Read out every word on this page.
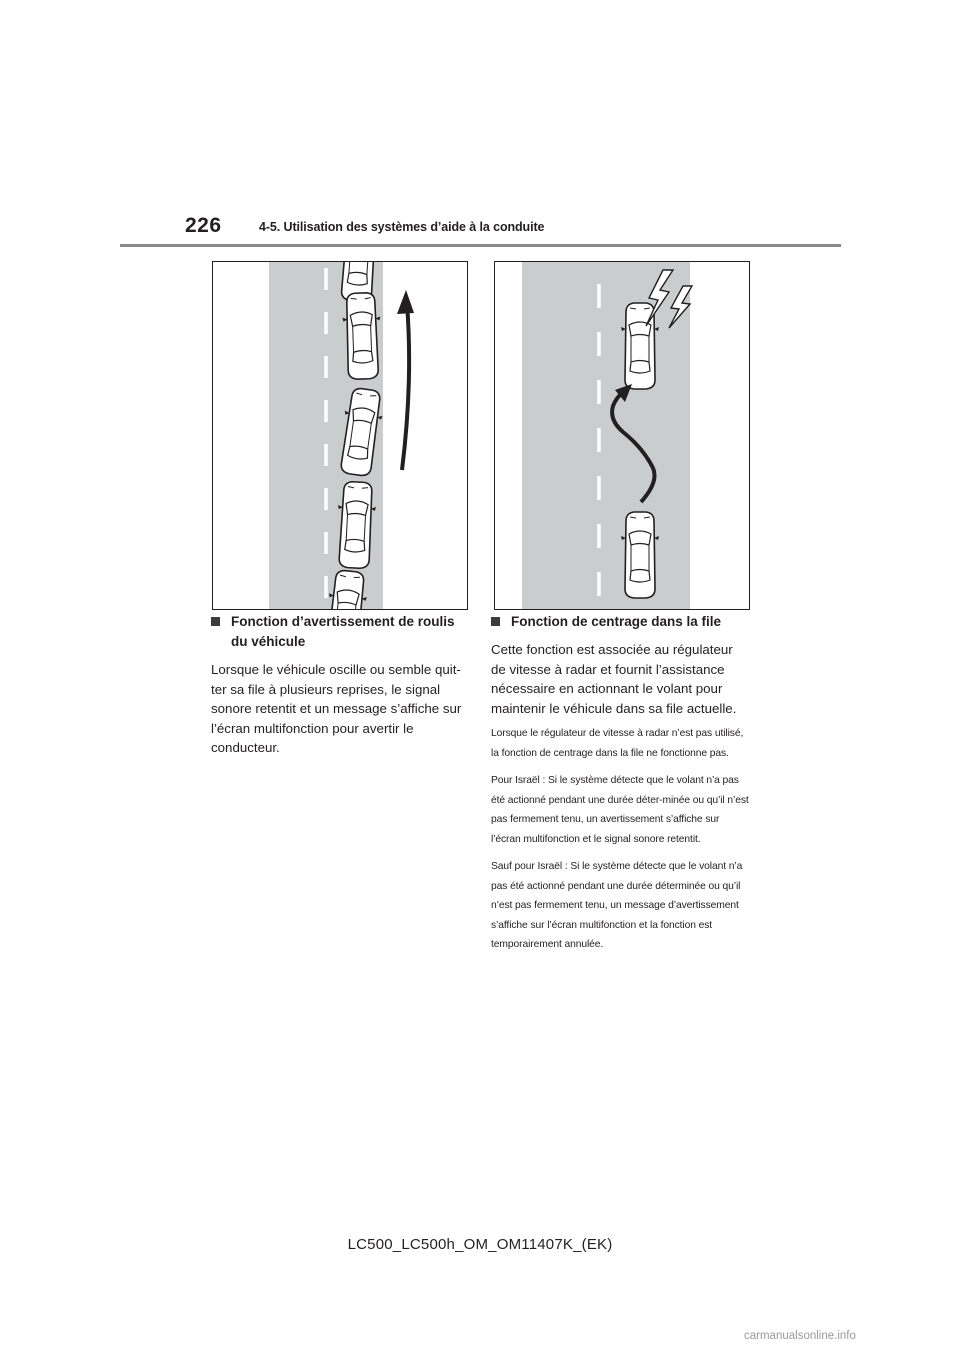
226	4-5. Utilisation des systèmes d’aide à la conduite
Fonction d’avertissement de roulis du véhicule
Lorsque le véhicule oscille ou semble quit-ter sa file à plusieurs reprises, le signal sonore retentit et un message s’affiche sur l’écran multifonction pour avertir le conducteur.
Fonction de centrage dans la file
Cette fonction est associée au régulateur de vitesse à radar et fournit l’assistance nécessaire en actionnant le volant pour maintenir le véhicule dans sa file actuelle.
Lorsque le régulateur de vitesse à radar n’est pas utilisé, la fonction de centrage dans la file ne fonctionne pas.
Pour Israël : Si le système détecte que le volant n’a pas été actionné pendant une durée déter-minée ou qu’il n’est pas fermement tenu, un avertissement s’affiche sur l’écran multifonction et le signal sonore retentit.
Sauf pour Israël : Si le système détecte que le volant n’a pas été actionné pendant une durée déterminée ou qu’il n’est pas fermement tenu, un message d’avertissement s’affiche sur l’écran multifonction et la fonction est temporairement annulée.
LC500_LC500h_OM_OM11407K_(EK)
carmanualsonline.info
